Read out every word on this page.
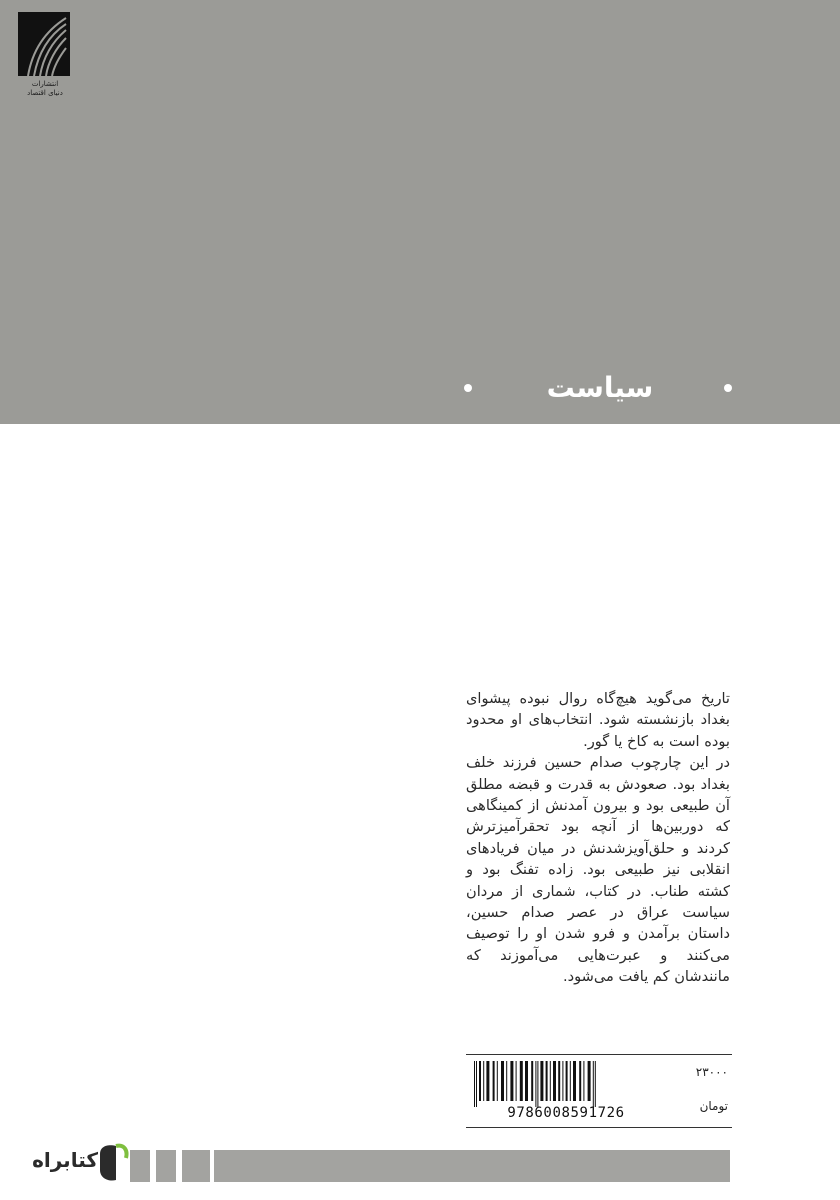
انتشارات
دنیای اقتصاد
سیاست

تاریخ می‌گوید هیچ‌گاه روال نبوده پیشوای بغداد بازنشسته شود. انتخاب‌های او محدود بوده است به کاخ یا گور.

در این چارچوب صدام حسین فرزند خلف بغداد بود. صعودش به قدرت و قبضه مطلق آن طبیعی بود و بیرون آمدنش از کمینگاهی که دوربین‌ها از آنچه بود تحقرآمیزترش کردند و حلق‌آویزشدنش در میان فریادهای انقلابی نیز طبیعی بود. زاده تفنگ بود و کشته طناب. در کتاب، شماری از مردان سیاست عراق در عصر صدام حسین، داستان برآمدن و فرو شدن او را توصیف می‌کنند و عبرت‌هایی می‌آموزند که مانندشان کم یافت می‌شود.

9786008591726
۲۳۰۰۰
تومان
کتابراه
